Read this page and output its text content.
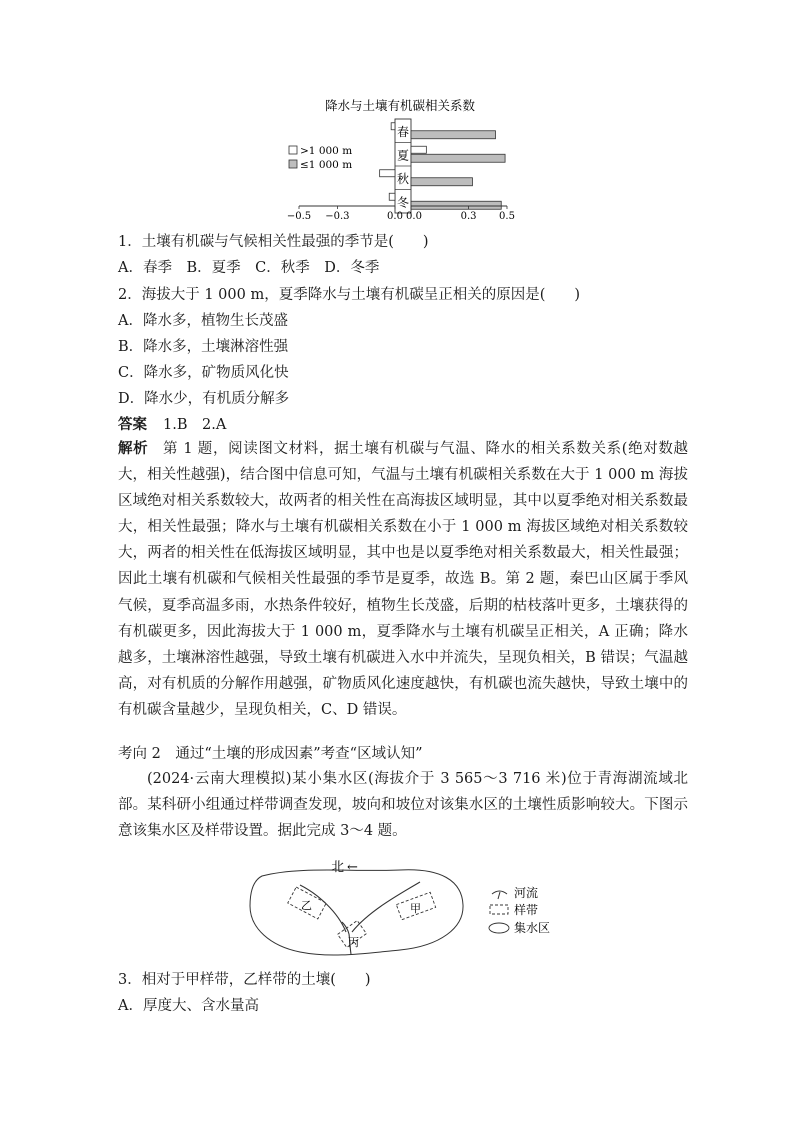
降水与土壤有机碳相关系数
>1 000 m
≤1 000 m
春
夏
秋
冬
−0.5 −0.3	0.0 0.0	0.3 0.5
1．土壤有机碳与气候相关性最强的季节是(　　)
A．春季　B．夏季　C．秋季　D．冬季
2．海拔大于 1 000 m，夏季降水与土壤有机碳呈正相关的原因是(　　)
A．降水多，植物生长茂盛
B．降水多，土壤淋溶性强
C．降水多，矿物质风化快
D．降水少，有机质分解多
答案 1.B　2.A
解析 第 1 题，阅读图文材料，据土壤有机碳与气温、降水的相关系数关系(绝对数越大，相关性越强)，结合图中信息可知，气温与土壤有机碳相关系数在大于 1 000 m 海拔区域绝对相关系数较大，故两者的相关性在高海拔区域明显，其中以夏季绝对相关系数最大，相关性最强；降水与土壤有机碳相关系数在小于 1 000 m 海拔区域绝对相关系数较大，两者的相关性在低海拔区域明显，其中也是以夏季绝对相关系数最大，相关性最强；因此土壤有机碳和气候相关性最强的季节是夏季，故选 B。第 2 题，秦巴山区属于季风气候，夏季高温多雨，水热条件较好，植物生长茂盛，后期的枯枝落叶更多，土壤获得的有机碳更多，因此海拔大于 1 000 m，夏季降水与土壤有机碳呈正相关，A 正确；降水越多，土壤淋溶性越强，导致土壤有机碳进入水中并流失，呈现负相关，B 错误；气温越高，对有机质的分解作用越强，矿物质风化速度越快，有机碳也流失越快，导致土壤中的有机碳含量越少，呈现负相关，C、D 错误。
考向 2　通过“土壤的形成因素”考查“区域认知”
(2024·云南大理模拟)某小集水区(海拔介于 3 565～3 716 米)位于青海湖流域北部。某科研小组通过样带调查发现，坡向和坡位对该集水区的土壤性质影响较大。下图示意该集水区及样带设置。据此完成 3～4 题。
北 ←
乙	甲
丙
河流
样带
集水区
3．相对于甲样带，乙样带的土壤(　　)
A．厚度大、含水量高
